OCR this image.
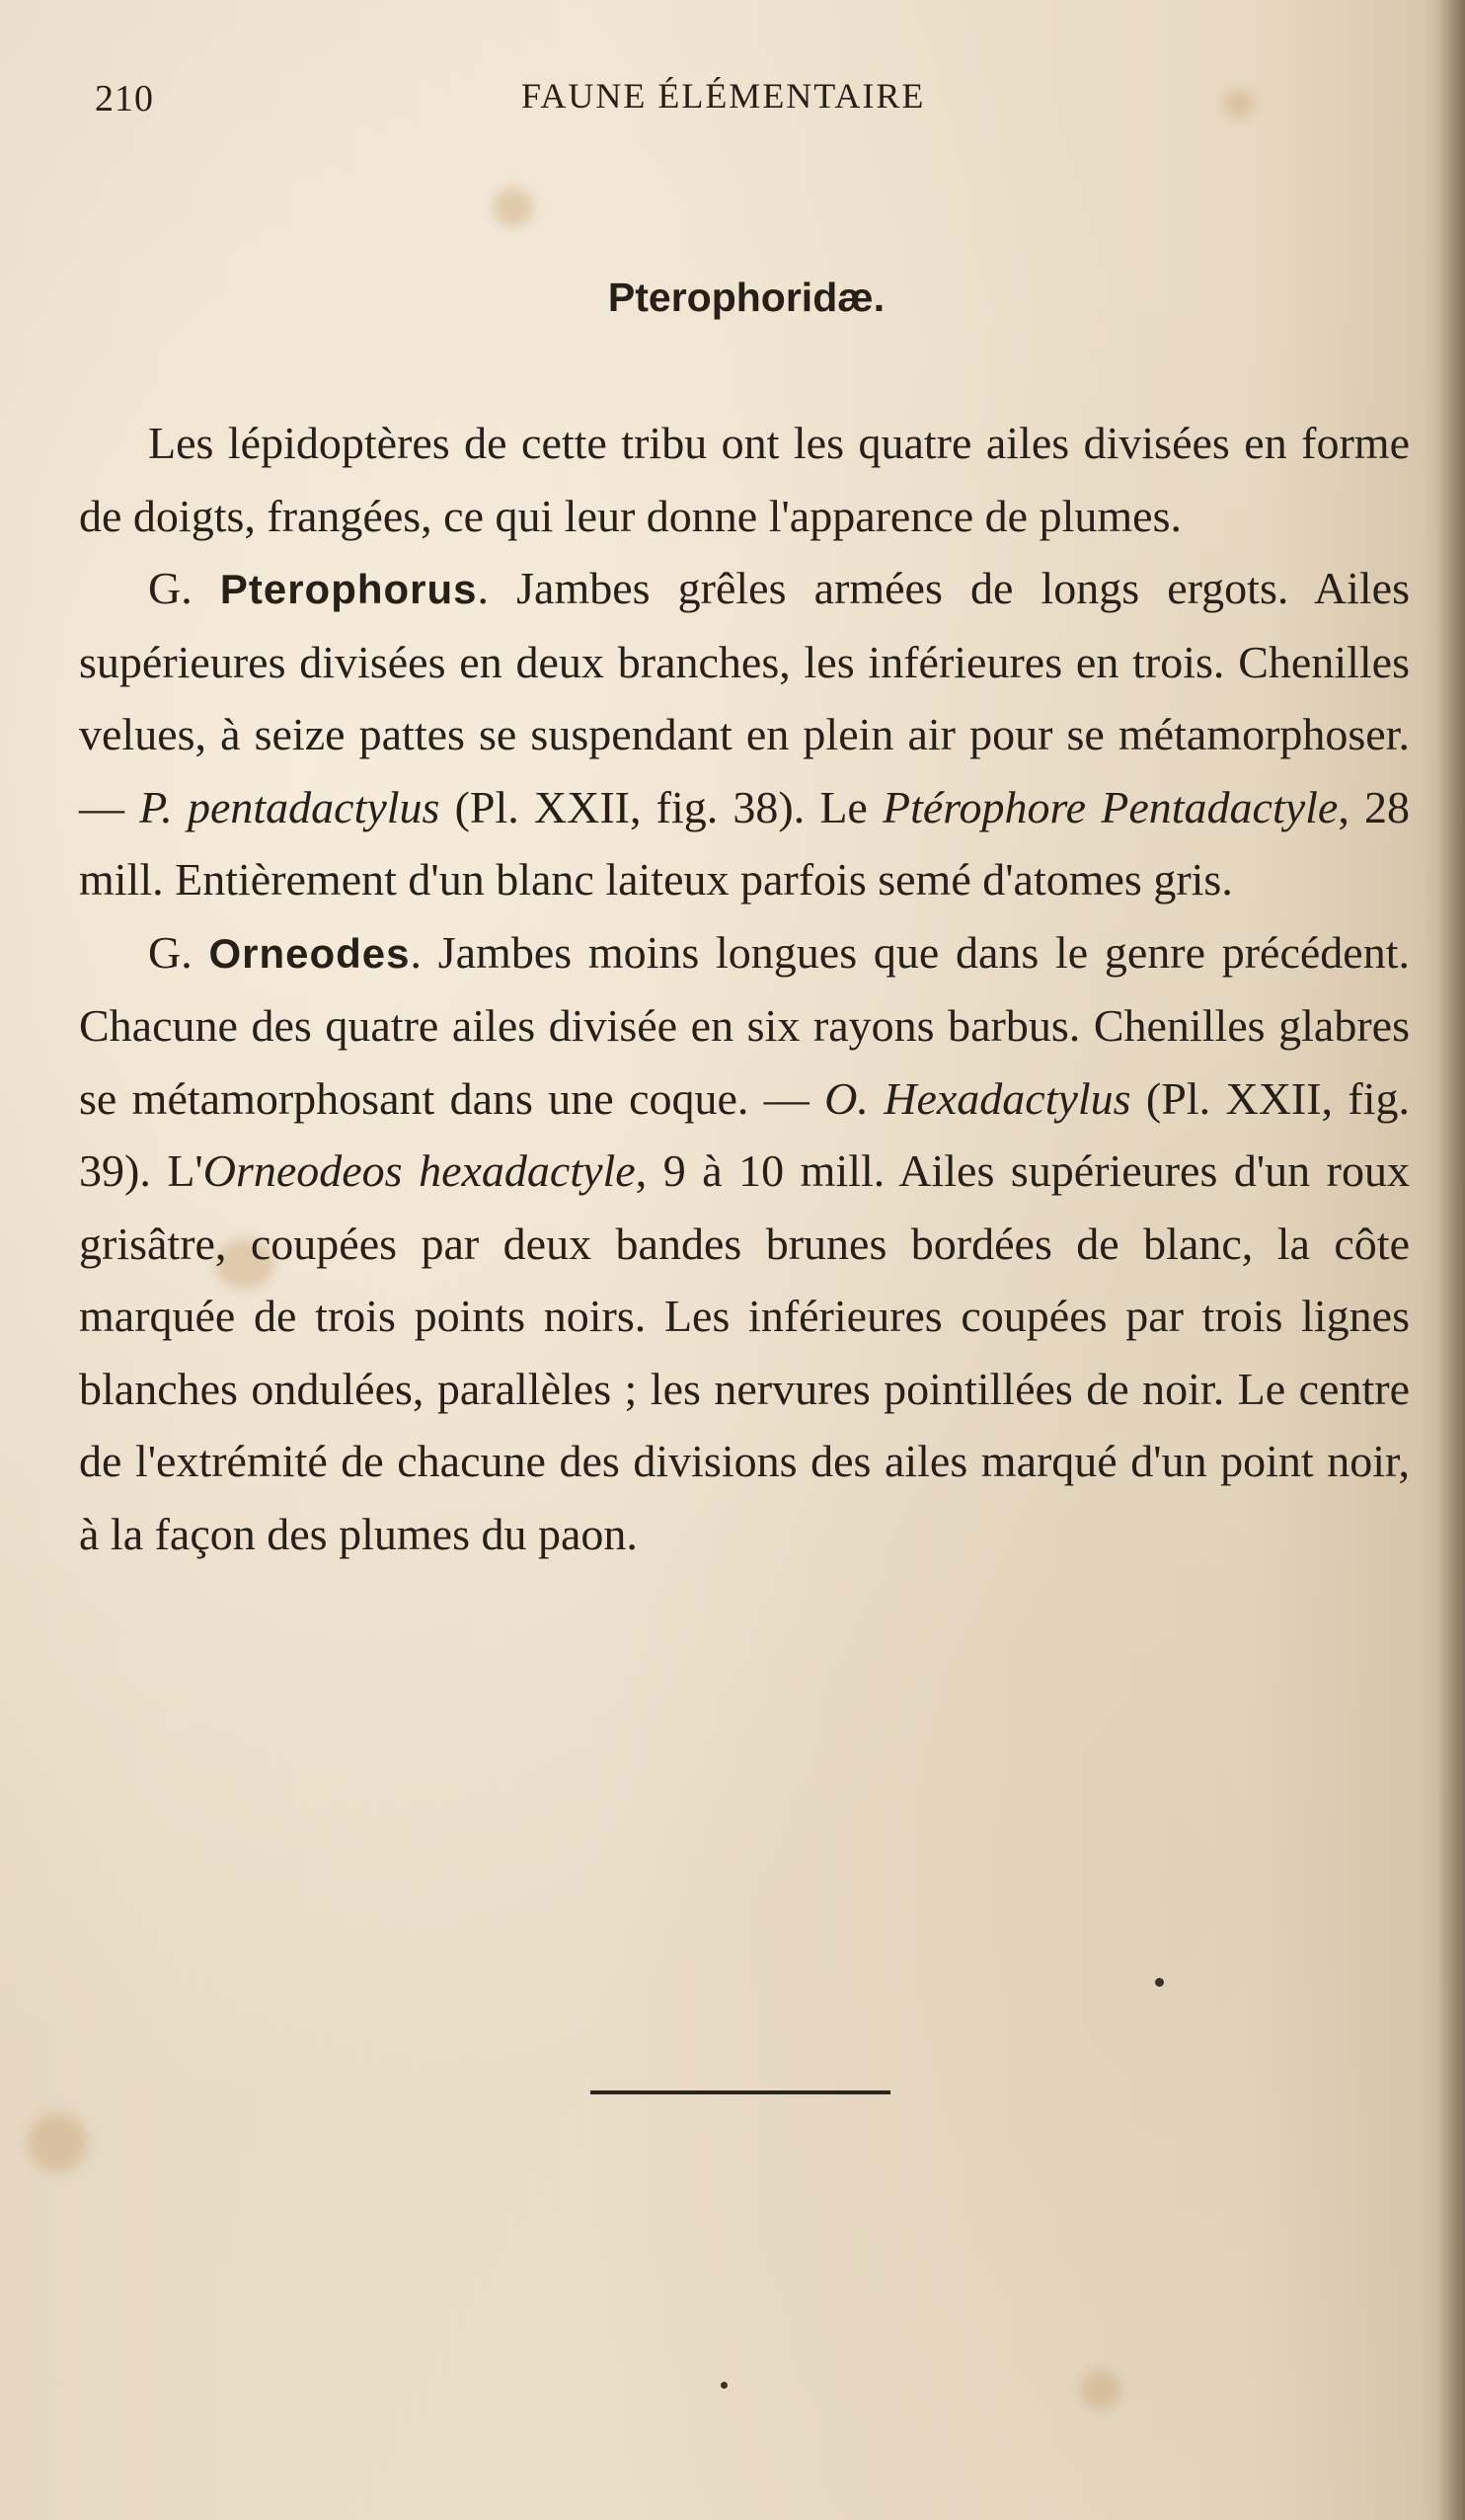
210	FAUNE ÉLÉMENTAIRE
Pterophoridæ.

Les lépidoptères de cette tribu ont les quatre ailes divisées en forme de doigts, frangées, ce qui leur donne l'apparence de plumes.

G. Pterophorus. Jambes grêles armées de longs ergots. Ailes supérieures divisées en deux branches, les inférieures en trois. Chenilles velues, à seize pattes se suspendant en plein air pour se métamorphoser. — P. pentadactylus (Pl. XXII, fig. 38). Le Ptérophore Pentadactyle, 28 mill. Entièrement d'un blanc laiteux parfois semé d'atomes gris.

G. Orneodes. Jambes moins longues que dans le genre précédent. Chacune des quatre ailes divisée en six rayons barbus. Chenilles glabres se métamorphosant dans une coque. — O. Hexadactylus (Pl. XXII, fig. 39). L'Orneodeos hexadactyle, 9 à 10 mill. Ailes supérieures d'un roux grisâtre, coupées par deux bandes brunes bordées de blanc, la côte marquée de trois points noirs. Les inférieures coupées par trois lignes blanches ondulées, parallèles ; les nervures pointillées de noir. Le centre de l'extrémité de chacune des divisions des ailes marqué d'un point noir, à la façon des plumes du paon.
